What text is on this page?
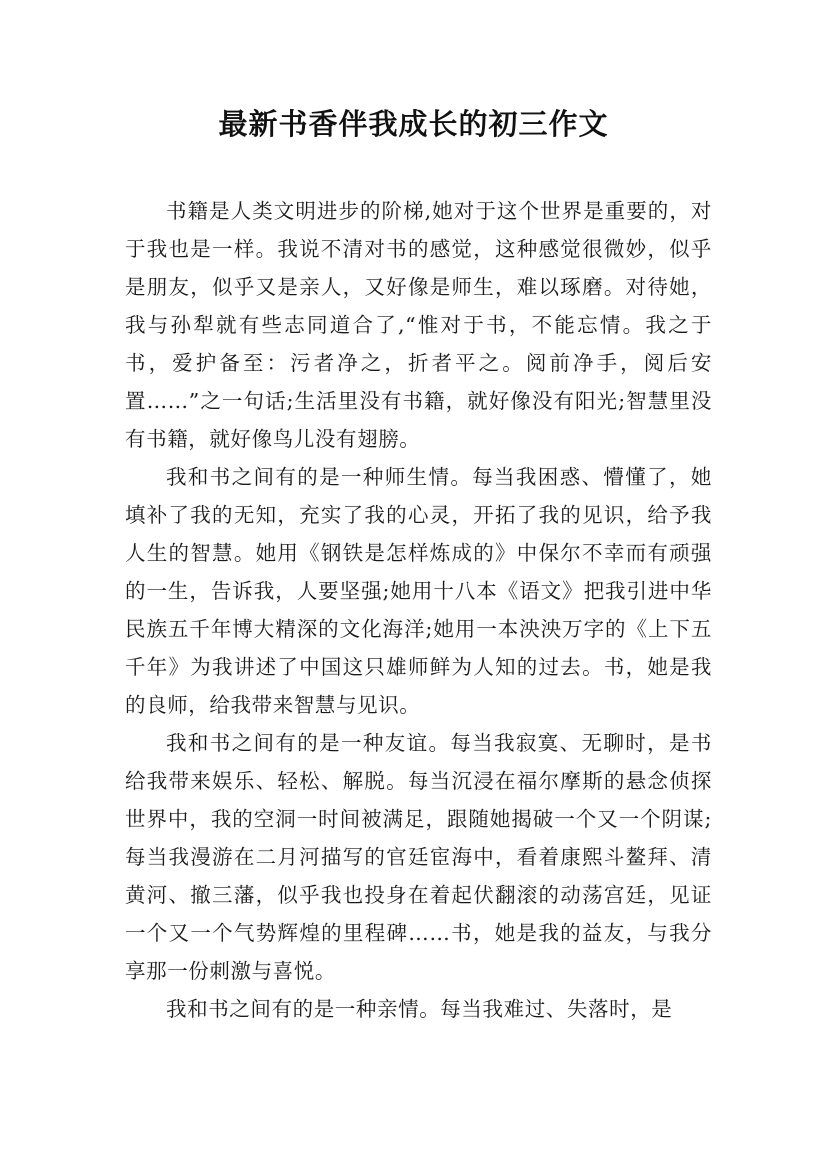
最新书香伴我成长的初三作文

书籍是人类文明进步的阶梯,她对于这个世界是重要的，对于我也是一样。我说不清对书的感觉，这种感觉很微妙，似乎是朋友，似乎又是亲人，又好像是师生，难以琢磨。对待她，我与孙犁就有些志同道合了,“惟对于书，不能忘情。我之于书，爱护备至：污者净之，折者平之。阅前净手，阅后安置……”之一句话;生活里没有书籍，就好像没有阳光;智慧里没有书籍，就好像鸟儿没有翅膀。

我和书之间有的是一种师生情。每当我困惑、懵懂了，她填补了我的无知，充实了我的心灵，开拓了我的见识，给予我人生的智慧。她用《钢铁是怎样炼成的》中保尔不幸而有顽强的一生，告诉我，人要坚强;她用十八本《语文》把我引进中华民族五千年博大精深的文化海洋;她用一本泱泱万字的《上下五千年》为我讲述了中国这只雄师鲜为人知的过去。书，她是我的良师，给我带来智慧与见识。

我和书之间有的是一种友谊。每当我寂寞、无聊时，是书给我带来娱乐、轻松、解脱。每当沉浸在福尔摩斯的悬念侦探世界中，我的空洞一时间被满足，跟随她揭破一个又一个阴谋;每当我漫游在二月河描写的官廷宦海中，看着康熙斗鳌拜、清黄河、撤三藩，似乎我也投身在着起伏翻滚的动荡宫廷，见证一个又一个气势辉煌的里程碑……书，她是我的益友，与我分享那一份刺激与喜悦。

我和书之间有的是一种亲情。每当我难过、失落时，是
